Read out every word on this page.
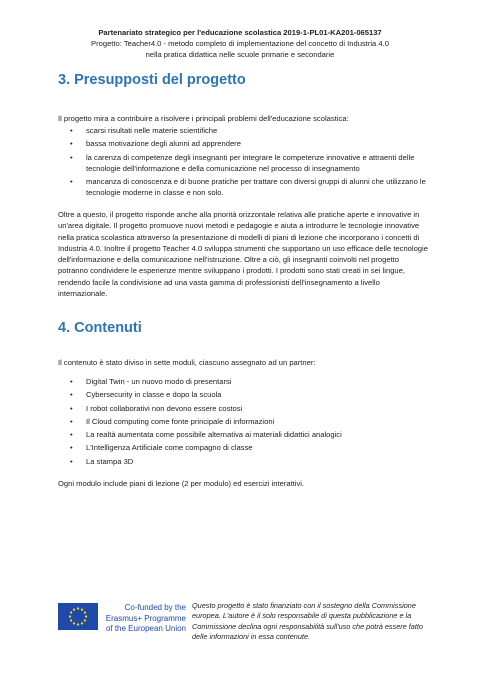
Partenariato strategico per l'educazione scolastica 2019-1-PL01-KA201-065137
Progetto: Teacher4.0 - metodo completo di implementazione del concetto di Industria 4.0
nella pratica didattica nelle scuole primarie e secondarie
3. Presupposti del progetto
Il progetto mira a contribuire a risolvere i principali problemi dell'educazione scolastica:
• scarsi risultati nelle materie scientifiche
• bassa motivazione degli alunni ad apprendere
• la carenza di competenze degli insegnanti per integrare le competenze innovative e attraenti delle tecnologie dell'informazione e della comunicazione nel processo di insegnamento
• mancanza di conoscenza e di buone pratiche per trattare con diversi gruppi di alunni che utilizzano le tecnologie moderne in classe e non solo.
Oltre a questo, il progetto risponde anche alla priorità orizzontale relativa alle pratiche aperte e innovative in un'area digitale. Il progetto promuove nuovi metodi e pedagogie e aiuta a introdurre le tecnologie innovative nella pratica scolastica attraverso la presentazione di modelli di piani di lezione che incorporano i concetti di Industria 4.0. Inoltre il progetto Teacher 4.0 sviluppa strumenti che supportano un uso efficace delle tecnologie dell'informazione e della comunicazione nell'istruzione. Oltre a ciò, gli insegnanti coinvolti nel progetto potranno condividere le esperienze mentre sviluppano i prodotti. I prodotti sono stati creati in sei lingue, rendendo facile la condivisione ad una vasta gamma di professionisti dell'insegnamento a livello internazionale.
4. Contenuti
Il contenuto è stato diviso in sette moduli, ciascuno assegnato ad un partner:
• Digital Twin - un nuovo modo di presentarsi
• Cybersecurity in classe e dopo la scuola
• I robot collaborativi non devono essere costosi
• Il Cloud computing come fonte principale di informazioni
• La realtà aumentata come possibile alternativa ai materiali didattici analogici
• L'Intelligenza Artificiale come compagno di classe
• La stampa 3D
Ogni modulo include piani di lezione (2 per modulo) ed esercizi interattivi.
Co-funded by the
Erasmus+ Programme
of the European Union
Questo progetto è stato finanziato con il sostegno della Commissione europea. L'autore è il solo responsabile di questa pubblicazione e la Commissione declina ogni responsabilità sull'uso che potrà essere fatto delle informazioni in essa contenute.
